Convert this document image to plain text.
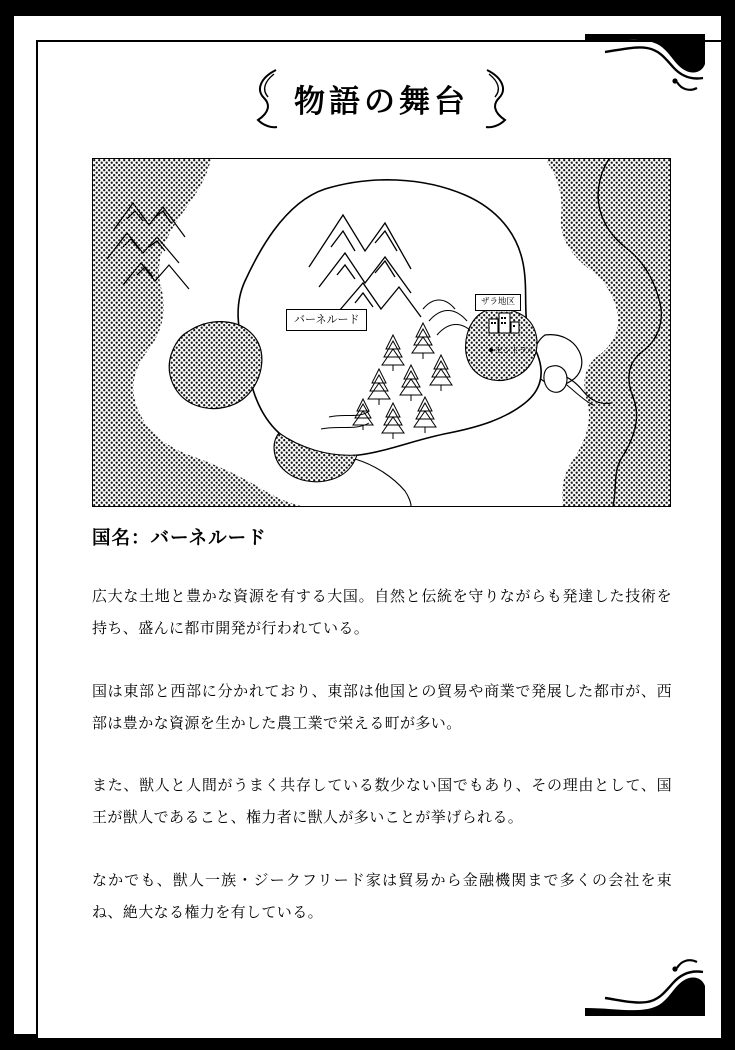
物語の舞台
バーネルード
ザラ地区
セントラル
国名：バーネルード

広大な土地と豊かな資源を有する大国。自然と伝統を守りながらも発達した技術を持ち、盛んに都市開発が行われている。

国は東部と西部に分かれており、東部は他国との貿易や商業で発展した都市が、西部は豊かな資源を生かした農工業で栄える町が多い。

また、獣人と人間がうまく共存している数少ない国でもあり、その理由として、国王が獣人であること、権力者に獣人が多いことが挙げられる。

なかでも、獣人一族・ジークフリード家は貿易から金融機関まで多くの会社を束ね、絶大なる権力を有している。
